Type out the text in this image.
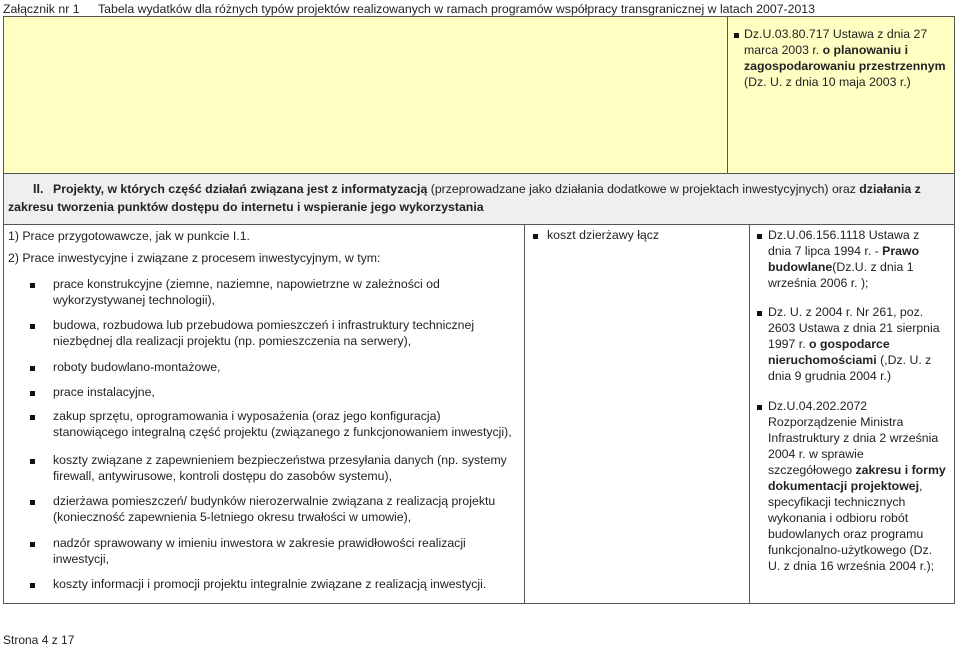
Załącznik nr 1 Tabela wydatków dla różnych typów projektów realizowanych w ramach programów współpracy transgranicznej w latach 2007-2013
Dz.U.03.80.717 Ustawa z dnia 27
marca 2003 r. o planowaniu i
zagospodarowaniu przestrzennym
(Dz. U. z dnia 10 maja 2003 r.)
II. Projekty, w których część działań związana jest z informatyzacją (przeprowadzane jako działania dodatkowe w projektach inwestycyjnych) oraz działania z
zakresu tworzenia punktów dostępu do internetu i wspieranie jego wykorzystania
1) Prace przygotowawcze, jak w punkcie I.1.
2) Prace inwestycyjne i związane z procesem inwestycyjnym, w tym:
prace konstrukcyjne (ziemne, naziemne, napowietrzne w zależności od
wykorzystywanej technologii),
budowa, rozbudowa lub przebudowa pomieszczeń i infrastruktury technicznej
niezbędnej dla realizacji projektu (np. pomieszczenia na serwery),
roboty budowlano-montażowe,
prace instalacyjne,
zakup sprzętu, oprogramowania i wyposażenia (oraz jego konfiguracja)
stanowiącego integralną część projektu (związanego z funkcjonowaniem inwestycji),
koszty związane z zapewnieniem bezpieczeństwa przesyłania danych (np. systemy
firewall, antywirusowe, kontroli dostępu do zasobów systemu),
dzierżawa pomieszczeń/ budynków nierozerwalnie związana z realizacją projektu
(konieczność zapewnienia 5-letniego okresu trwałości w umowie),
nadzór sprawowany w imieniu inwestora w zakresie prawidłowości realizacji
inwestycji,
koszty informacji i promocji projektu integralnie związane z realizacją inwestycji.
koszt dzierżawy łącz	Dz.U.06.156.1118 Ustawa z
dnia 7 lipca 1994 r. - Prawo
budowlane(Dz.U. z dnia 1
września 2006 r. );
Dz. U. z 2004 r. Nr 261, poz.
2603 Ustawa z dnia 21 sierpnia
1997 r. o gospodarce
nieruchomościami (,Dz. U. z
dnia 9 grudnia 2004 r.)
Dz.U.04.202.2072
Rozporządzenie Ministra
Infrastruktury z dnia 2 września
2004 r. w sprawie
szczegółowego zakresu i formy
dokumentacji projektowej,
specyfikacji technicznych
wykonania i odbioru robót
budowlanych oraz programu
funkcjonalno-użytkowego (Dz.
U. z dnia 16 września 2004 r.);
Strona 4 z 17
